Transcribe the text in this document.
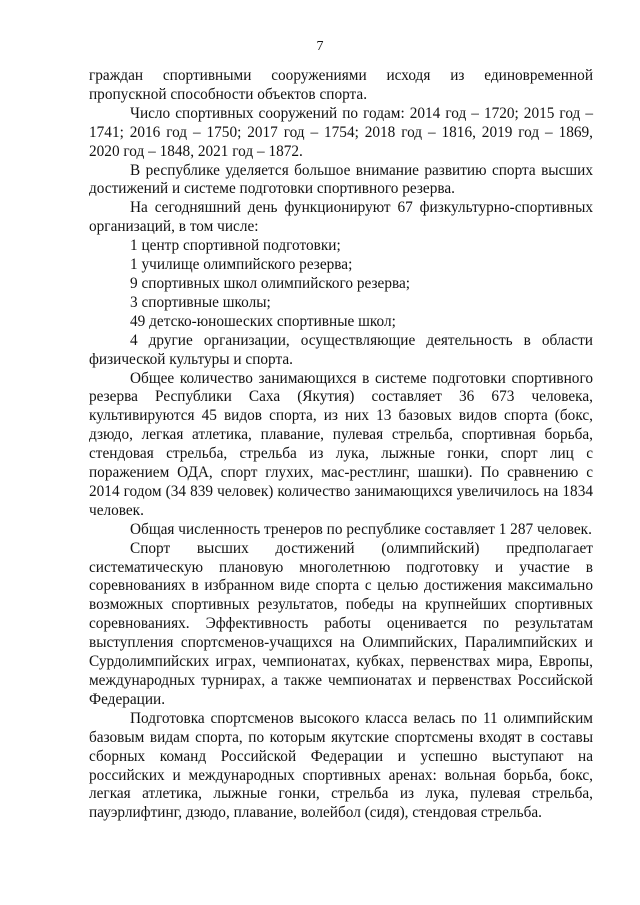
7

граждан спортивными сооружениями исходя из единовременной пропускной способности объектов спорта.

Число спортивных сооружений по годам: 2014 год – 1720; 2015 год – 1741; 2016 год – 1750; 2017 год – 1754; 2018 год – 1816, 2019 год – 1869, 2020 год – 1848, 2021 год – 1872.

В республике уделяется большое внимание развитию спорта высших достижений и системе подготовки спортивного резерва.

На сегодняшний день функционируют 67 физкультурно-спортивных организаций, в том числе:

1 центр спортивной подготовки;

1 училище олимпийского резерва;

9 спортивных школ олимпийского резерва;

3 спортивные школы;

49 детско-юношеских спортивные школ;

4 другие организации, осуществляющие деятельность в области физической культуры и спорта.

Общее количество занимающихся в системе подготовки спортивного резерва Республики Саха (Якутия) составляет 36 673 человека, культивируются 45 видов спорта, из них 13 базовых видов спорта (бокс, дзюдо, легкая атлетика, плавание, пулевая стрельба, спортивная борьба, стендовая стрельба, стрельба из лука, лыжные гонки, спорт лиц с поражением ОДА, спорт глухих, мас-рестлинг, шашки). По сравнению с 2014 годом (34 839 человек) количество занимающихся увеличилось на 1834 человек.

Общая численность тренеров по республике составляет 1 287 человек.

Спорт высших достижений (олимпийский) предполагает систематическую плановую многолетнюю подготовку и участие в соревнованиях в избранном виде спорта с целью достижения максимально возможных спортивных результатов, победы на крупнейших спортивных соревнованиях. Эффективность работы оценивается по результатам выступления спортсменов-учащихся на Олимпийских, Паралимпийских и Сурдолимпийских играх, чемпионатах, кубках, первенствах мира, Европы, международных турнирах, а также чемпионатах и первенствах Российской Федерации.

Подготовка спортсменов высокого класса велась по 11 олимпийским базовым видам спорта, по которым якутские спортсмены входят в составы сборных команд Российской Федерации и успешно выступают на российских и международных спортивных аренах: вольная борьба, бокс, легкая атлетика, лыжные гонки, стрельба из лука, пулевая стрельба, пауэрлифтинг, дзюдо, плавание, волейбол (сидя), стендовая стрельба.
